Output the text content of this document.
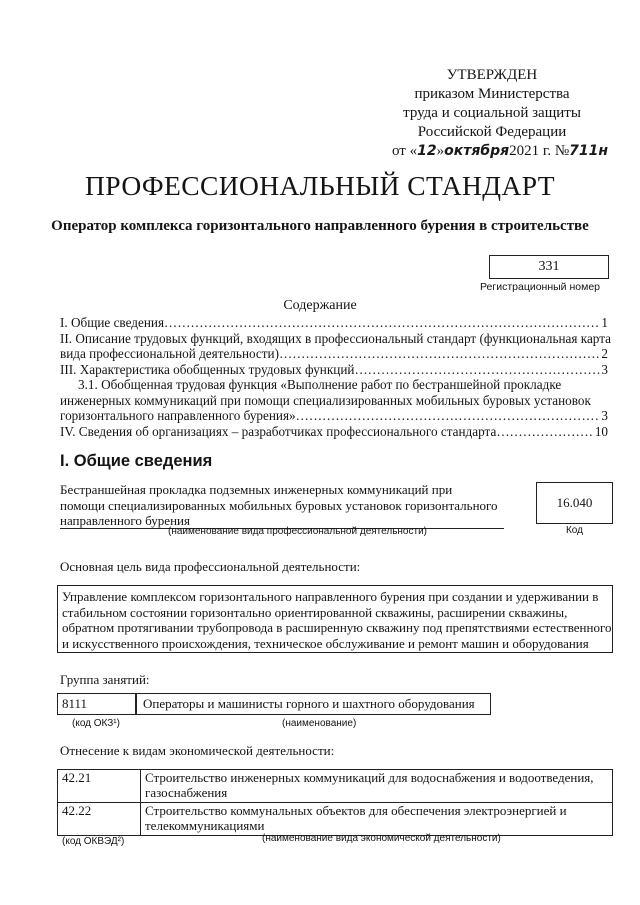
УТВЕРЖДЕН
приказом Министерства
труда и социальной защиты
Российской Федерации
от «12»октября2021 г. №711н
ПРОФЕССИОНАЛЬНЫЙ СТАНДАРТ
Оператор комплекса горизонтального направленного бурения в строительстве
331
Регистрационный номер
Содержание
I. Общие сведения …………………………………………………………………………………………………………………………………………	1
II. Описание трудовых функций, входящих в профессиональный стандарт (функциональная карта
вида профессиональной деятельности) …………………………………………………………………………………………………………………………………………	2
III. Характеристика обобщенных трудовых функций …………………………………………………………………………………………………………………………………………	3
3.1. Обобщенная трудовая функция «Выполнение работ по бестраншейной прокладке
инженерных коммуникаций при помощи специализированных мобильных буровых установок
горизонтального направленного бурения» …………………………………………………………………………………………………………………………………………	3
IV. Сведения об организациях – разработчиках профессионального стандарта …………………………………………………………………………………………………………………………………………	10
I. Общие сведения
Бестраншейная прокладка подземных инженерных коммуникаций при
помощи специализированных мобильных буровых установок горизонтального
направленного бурения
(наименование вида профессиональной деятельности)
16.040
Код
Основная цель вида профессиональной деятельности:
Управление комплексом горизонтального направленного бурения при создании и удерживании в
стабильном состоянии горизонтально ориентированной скважины, расширении скважины,
обратном протягивании трубопровода в расширенную скважину под препятствиями естественного
и искусственного происхождения, техническое обслуживание и ремонт машин и оборудования
Группа занятий:
8111	Операторы и машинисты горного и шахтного оборудования
(код ОКЗ¹)	(наименование)
Отнесение к видам экономической деятельности:
42.21	Строительство инженерных коммуникаций для водоснабжения и водоотведения,
газоснабжения

42.22	Строительство коммунальных объектов для обеспечения электроэнергией и
телекоммуникациями
(код ОКВЭД²)	(наименование вида экономической деятельности)
